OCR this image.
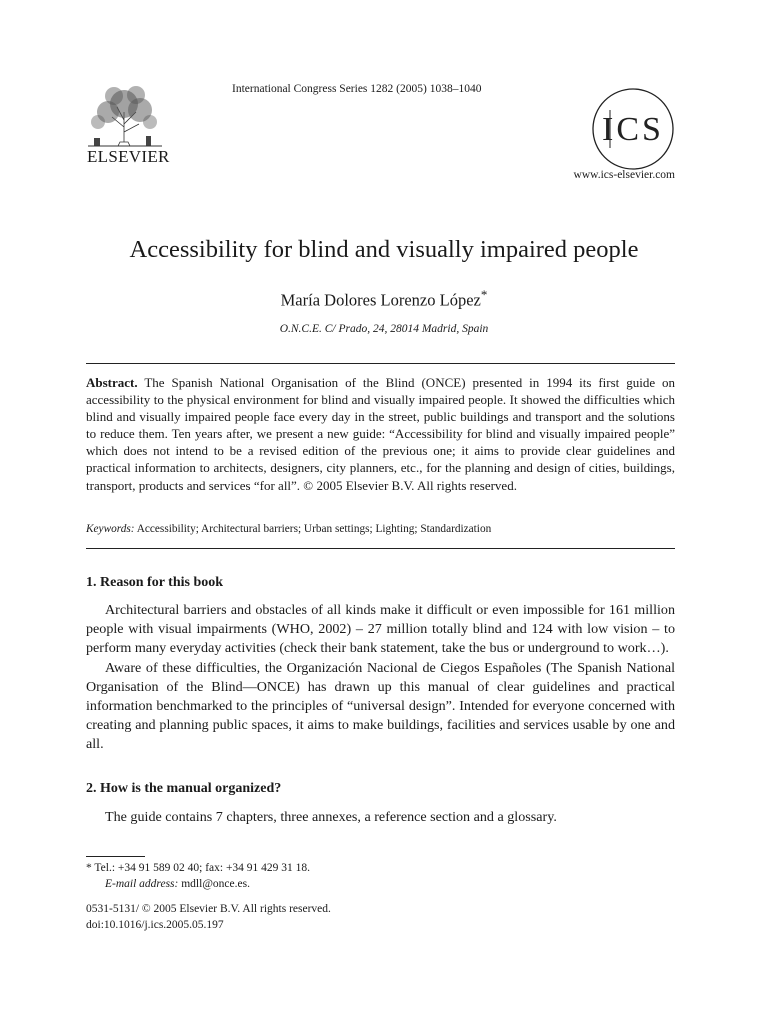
International Congress Series 1282 (2005) 1038–1040
ELSEVIER
ICS
www.ics-elsevier.com
Accessibility for blind and visually impaired people
María Dolores Lorenzo López*
O.N.C.E. C/ Prado, 24, 28014 Madrid, Spain
Abstract. The Spanish National Organisation of the Blind (ONCE) presented in 1994 its first guide on accessibility to the physical environment for blind and visually impaired people. It showed the difficulties which blind and visually impaired people face every day in the street, public buildings and transport and the solutions to reduce them. Ten years after, we present a new guide: “Accessibility for blind and visually impaired people” which does not intend to be a revised edition of the previous one; it aims to provide clear guidelines and practical information to architects, designers, city planners, etc., for the planning and design of cities, buildings, transport, products and services “for all”. © 2005 Elsevier B.V. All rights reserved.
Keywords: Accessibility; Architectural barriers; Urban settings; Lighting; Standardization
1. Reason for this book

Architectural barriers and obstacles of all kinds make it difficult or even impossible for 161 million people with visual impairments (WHO, 2002) – 27 million totally blind and 124 with low vision – to perform many everyday activities (check their bank statement, take the bus or underground to work…).

Aware of these difficulties, the Organización Nacional de Ciegos Españoles (The Spanish National Organisation of the Blind—ONCE) has drawn up this manual of clear guidelines and practical information benchmarked to the principles of “universal design”. Intended for everyone concerned with creating and planning public spaces, it aims to make buildings, facilities and services usable by one and all.

2. How is the manual organized?

The guide contains 7 chapters, three annexes, a reference section and a glossary.

* Tel.: +34 91 589 02 40; fax: +34 91 429 31 18.
E-mail address: mdll@once.es.
0531-5131/ © 2005 Elsevier B.V. All rights reserved.
doi:10.1016/j.ics.2005.05.197
